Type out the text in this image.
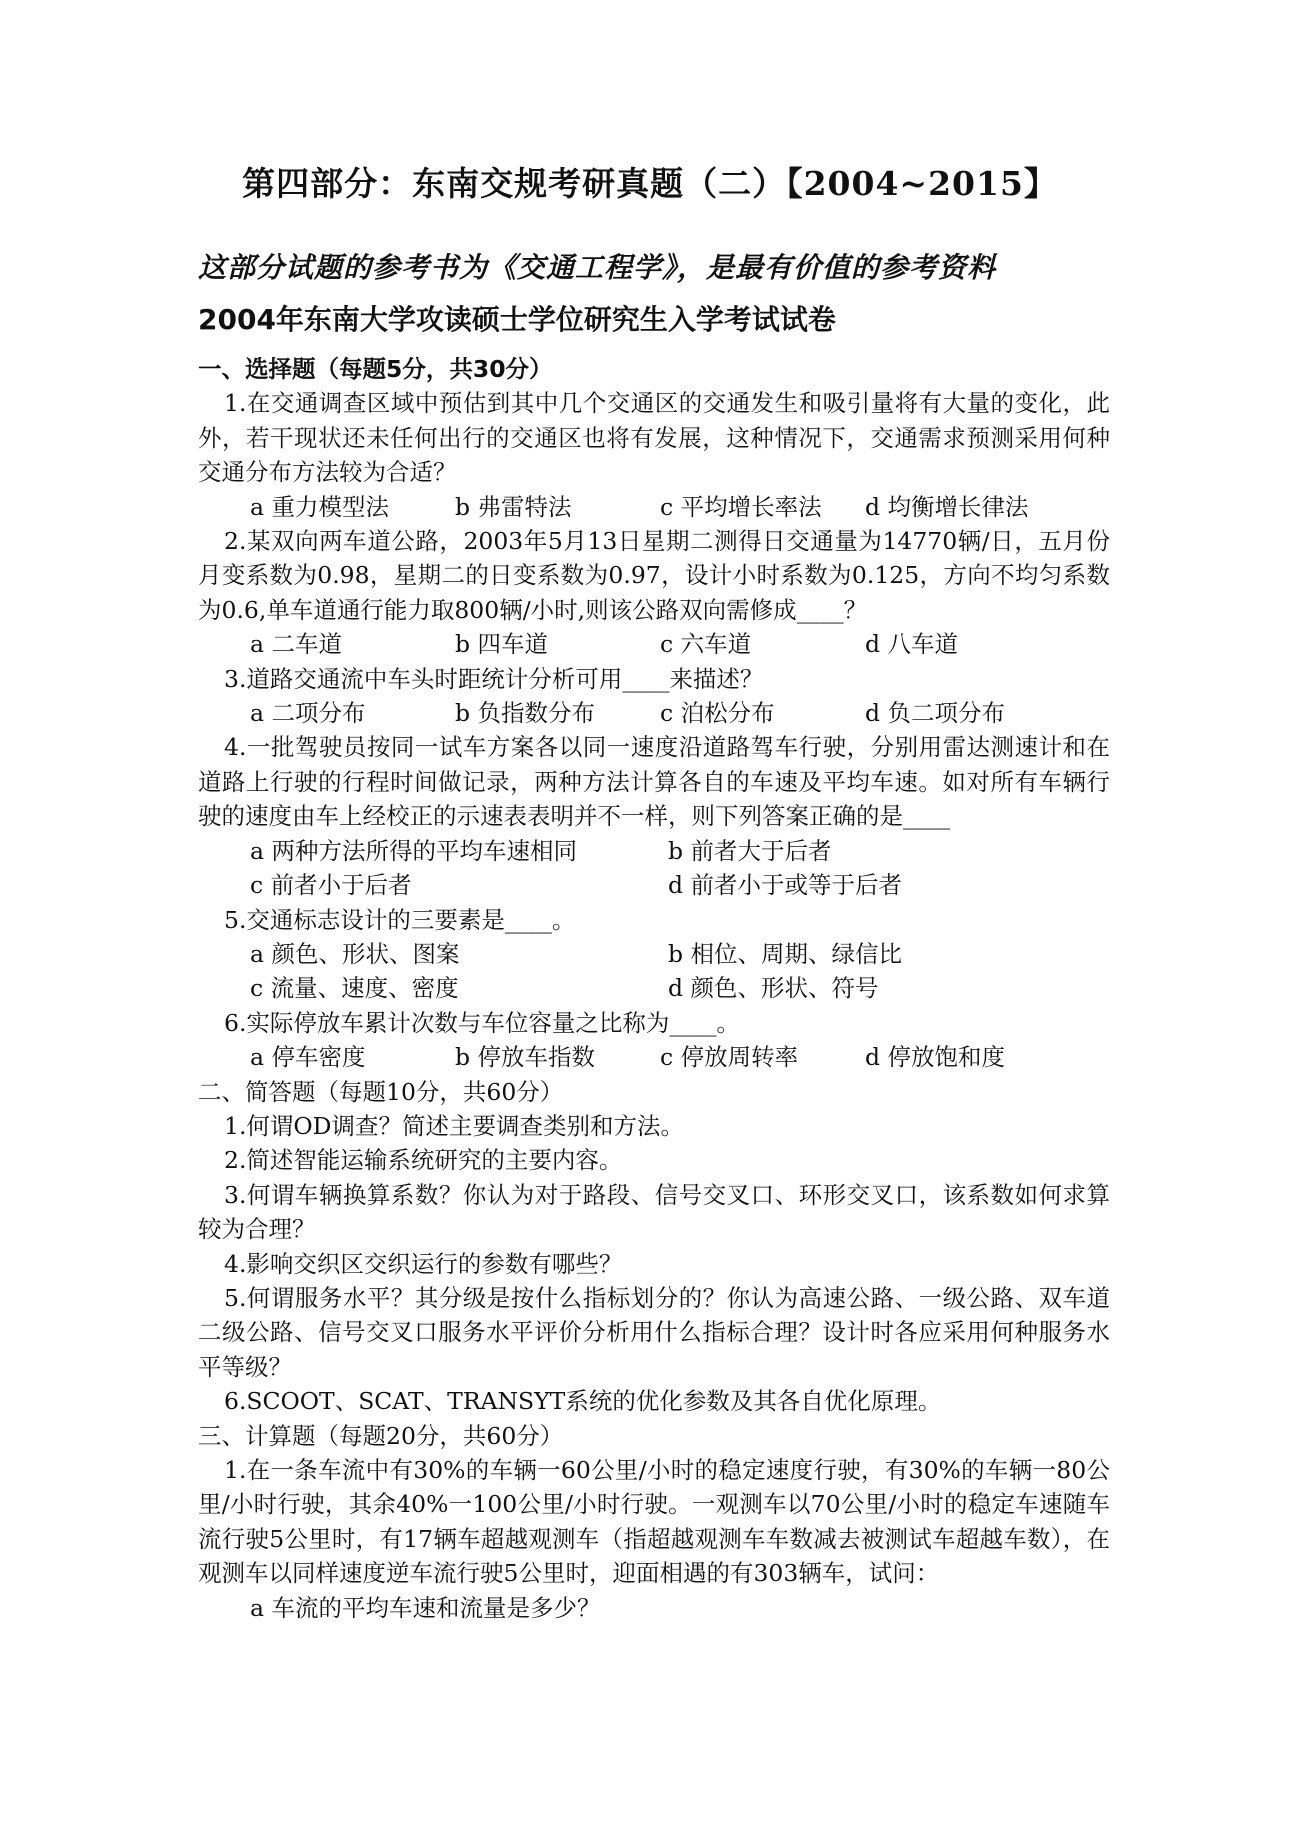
第四部分：东南交规考研真题（二）【2004~2015】
这部分试题的参考书为《交通工程学》，是最有价值的参考资料
2004年东南大学攻读硕士学位研究生入学考试试卷

一、选择题（每题5分，共30分）

1.在交通调查区域中预估到其中几个交通区的交通发生和吸引量将有大量的变化，此外，若干现状还未任何出行的交通区也将有发展，这种情况下，交通需求预测采用何种交通分布方法较为合适？

a 重力模型法	b 弗雷特法	c 平均增长率法	d 均衡增长律法

2.某双向两车道公路，2003年5月13日星期二测得日交通量为14770辆/日，五月份月变系数为0.98，星期二的日变系数为0.97，设计小时系数为0.125，方向不均匀系数为0.6,单车道通行能力取800辆/小时,则该公路双向需修成____？

a 二车道	b 四车道	c 六车道	d 八车道

3.道路交通流中车头时距统计分析可用____来描述？

a 二项分布	b 负指数分布	c 泊松分布	d 负二项分布

4.一批驾驶员按同一试车方案各以同一速度沿道路驾车行驶，分别用雷达测速计和在道路上行驶的行程时间做记录，两种方法计算各自的车速及平均车速。如对所有车辆行驶的速度由车上经校正的示速表表明并不一样，则下列答案正确的是____

a 两种方法所得的平均车速相同	b 前者大于后者
c 前者小于后者	d 前者小于或等于后者

5.交通标志设计的三要素是____。

a 颜色、形状、图案	b 相位、周期、绿信比
c 流量、速度、密度	d 颜色、形状、符号

6.实际停放车累计次数与车位容量之比称为____。

a 停车密度	b 停放车指数	c 停放周转率	d 停放饱和度

二、简答题（每题10分，共60分）

1.何谓OD调查？简述主要调查类别和方法。

2.简述智能运输系统研究的主要内容。

3.何谓车辆换算系数？你认为对于路段、信号交叉口、环形交叉口，该系数如何求算较为合理？

4.影响交织区交织运行的参数有哪些？

5.何谓服务水平？其分级是按什么指标划分的？你认为高速公路、一级公路、双车道二级公路、信号交叉口服务水平评价分析用什么指标合理？设计时各应采用何种服务水平等级？

6.SCOOT、SCAT、TRANSYT系统的优化参数及其各自优化原理。

三、计算题（每题20分，共60分）

1.在一条车流中有30%的车辆一60公里/小时的稳定速度行驶，有30%的车辆一80公里/小时行驶，其余40%一100公里/小时行驶。一观测车以70公里/小时的稳定车速随车流行驶5公里时，有17辆车超越观测车（指超越观测车车数减去被测试车超越车数），在观测车以同样速度逆车流行驶5公里时，迎面相遇的有303辆车，试问：

a 车流的平均车速和流量是多少？
